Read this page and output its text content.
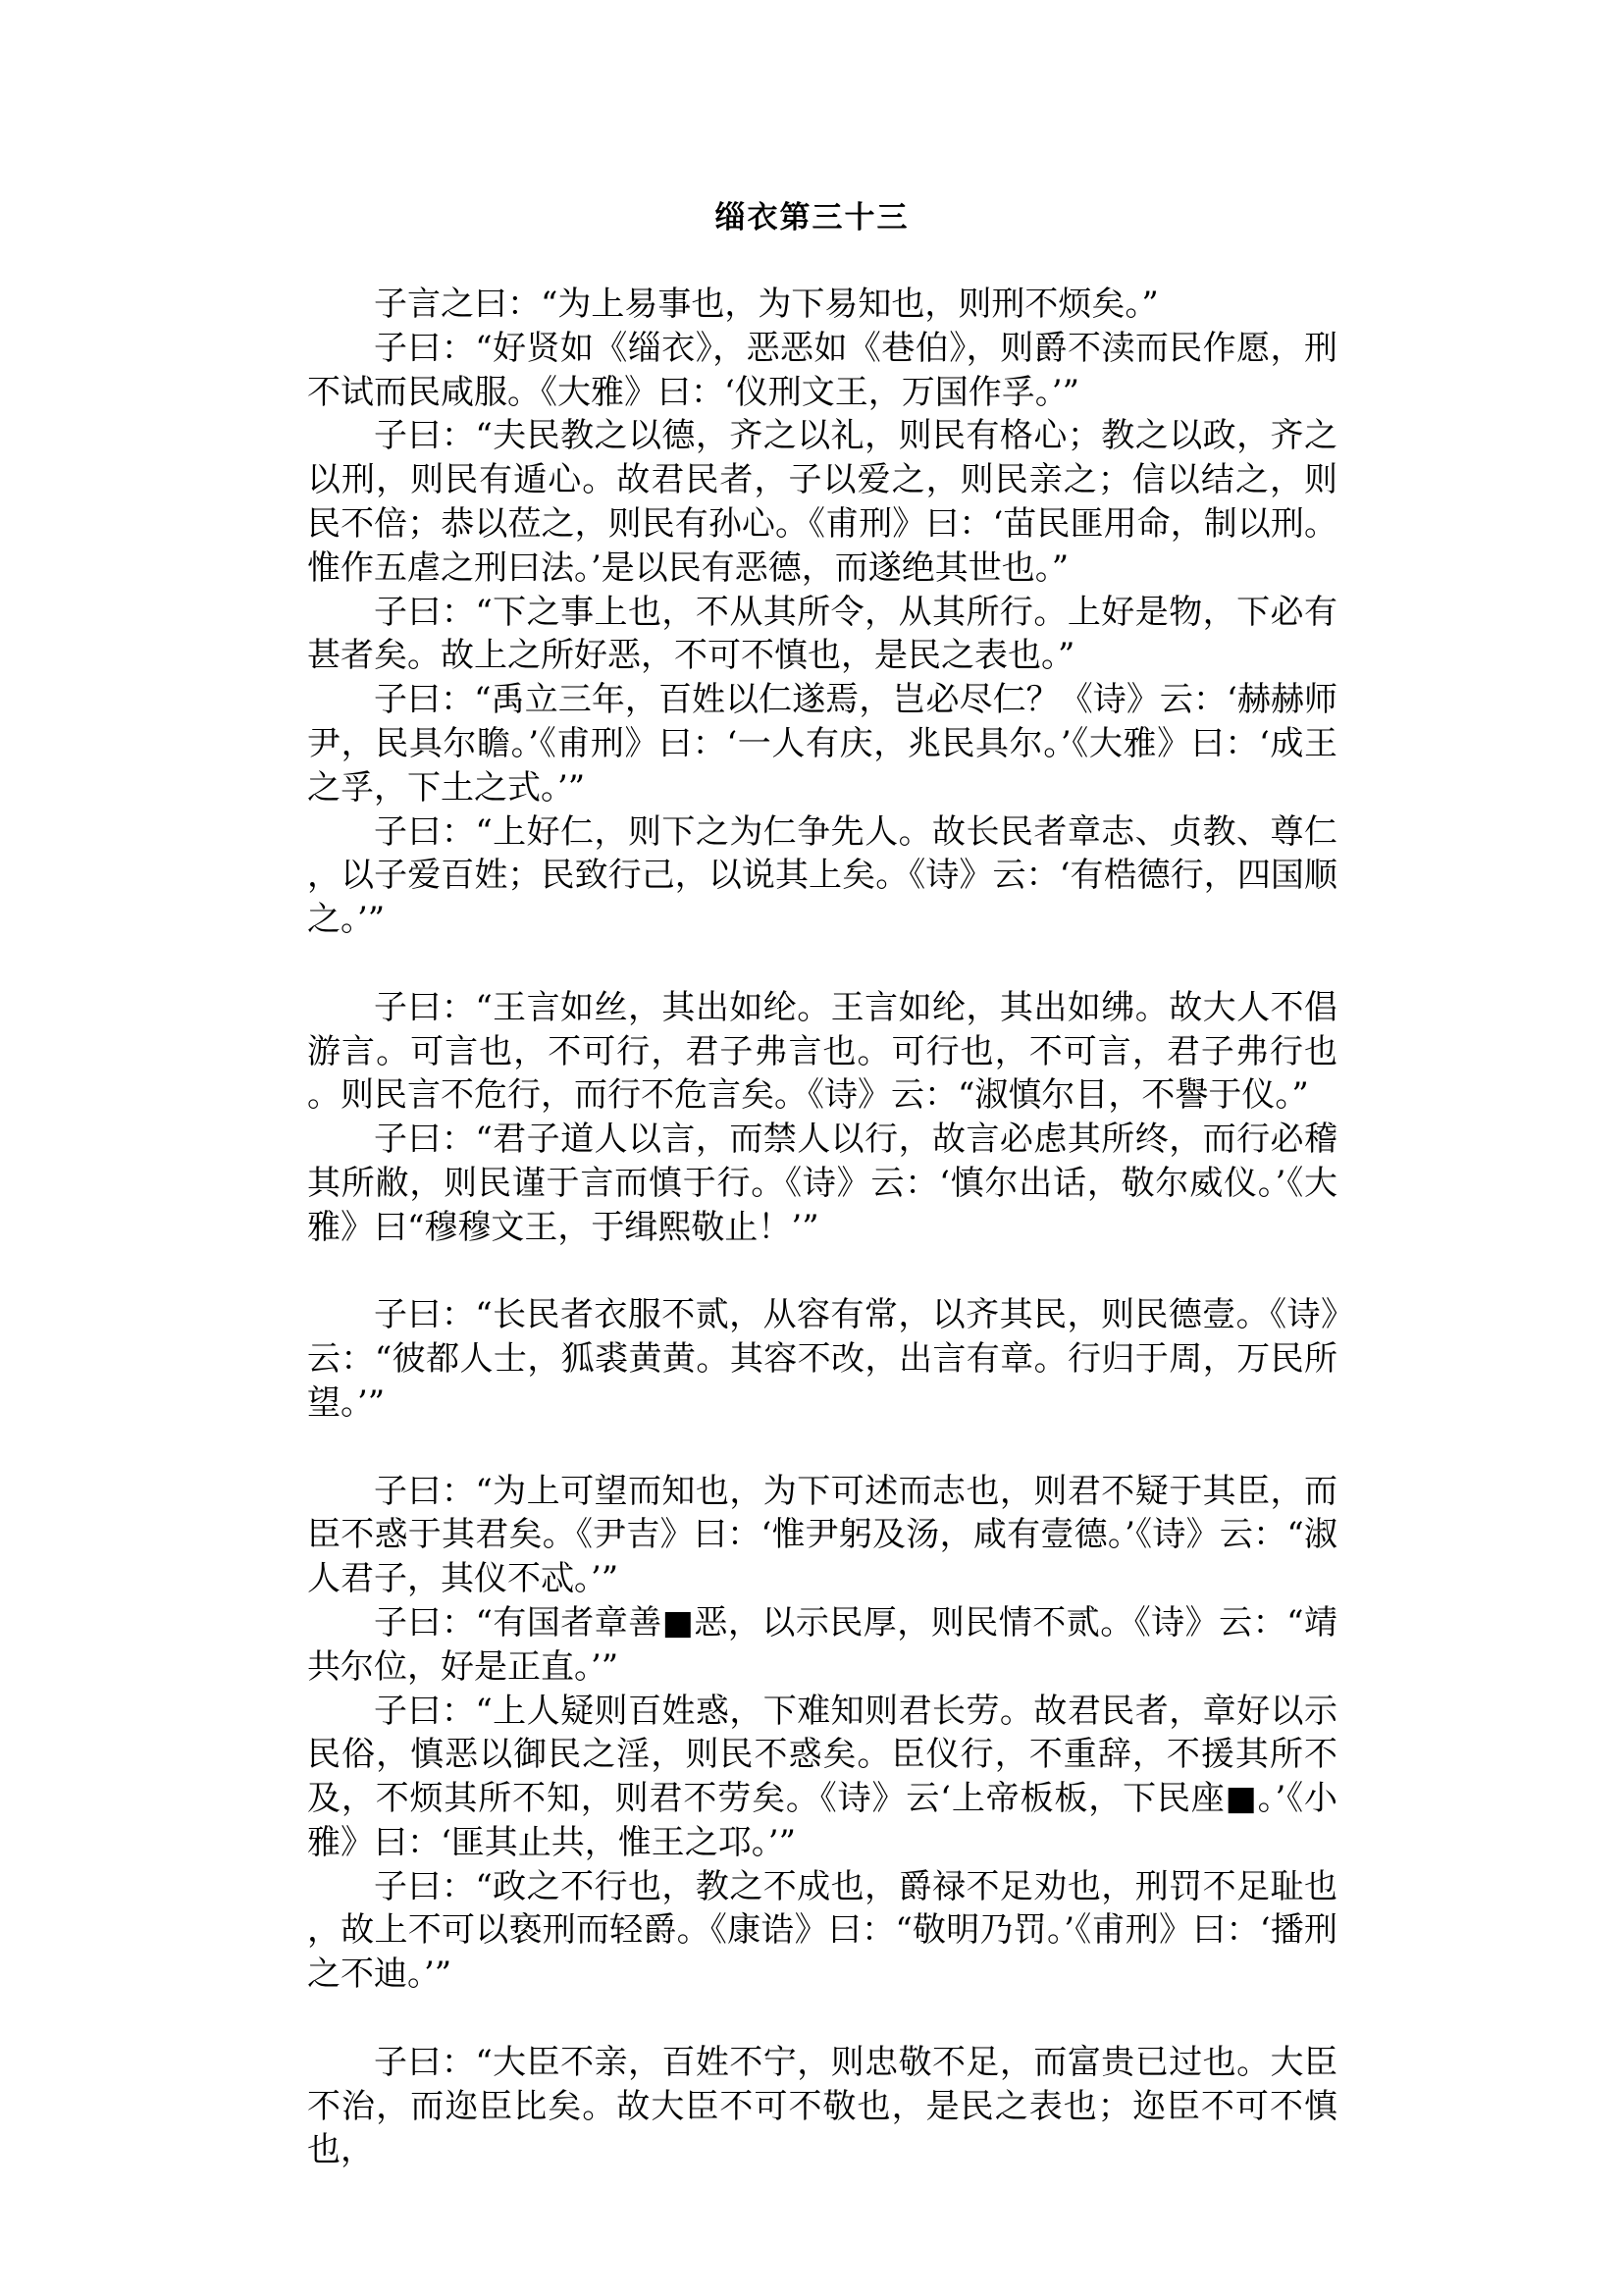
缁衣第三十三

子言之曰：“为上易事也，为下易知也，则刑不烦矣。”

子曰：“好贤如《缁衣》，恶恶如《巷伯》，则爵不渎而民作愿，刑不试而民咸服。《大雅》曰：‘仪刑文王，万国作孚。’”

子曰：“夫民教之以德，齐之以礼，则民有格心；教之以政，齐之以刑，则民有遁心。故君民者，子以爱之，则民亲之；信以结之，则民不倍；恭以莅之，则民有孙心。《甫刑》曰：‘苗民匪用命，制以刑。惟作五虐之刑曰法。’是以民有恶德，而遂绝其世也。”

子曰：“下之事上也，不从其所令，从其所行。上好是物，下必有甚者矣。故上之所好恶，不可不慎也，是民之表也。”

子曰：“禹立三年，百姓以仁遂焉，岂必尽仁？《诗》云：‘赫赫师尹，民具尔瞻。’《甫刑》曰：‘一人有庆，兆民具尔。’《大雅》曰：‘成王之孚，下土之式。’”

子曰：“上好仁，则下之为仁争先人。故长民者章志、贞教、尊仁，以子爱百姓；民致行己，以说其上矣。《诗》云：‘有梏德行，四国顺之。’”

子曰：“王言如丝，其出如纶。王言如纶，其出如绋。故大人不倡游言。可言也，不可行，君子弗言也。可行也，不可言，君子弗行也。则民言不危行，而行不危言矣。《诗》云：“淑慎尔目，不譽于仪。”

子曰：“君子道人以言，而禁人以行，故言必虑其所终，而行必稽其所敝，则民谨于言而慎于行。《诗》云：‘慎尔出话，敬尔威仪。’《大雅》曰“穆穆文王，于缉熙敬止！’”

子曰：“长民者衣服不贰，从容有常，以齐其民，则民德壹。《诗》云：“彼都人士，狐裘黄黄。其容不改，出言有章。行归于周，万民所望。’”

子曰：“为上可望而知也，为下可述而志也，则君不疑于其臣，而臣不惑于其君矣。《尹吉》曰：‘惟尹躬及汤，咸有壹德。’《诗》云：“淑人君子，其仪不忒。’”

子曰：“有国者章善■恶，以示民厚，则民情不贰。《诗》云：“靖共尔位，好是正直。’”

子曰：“上人疑则百姓惑，下难知则君长劳。故君民者，章好以示民俗，慎恶以御民之淫，则民不惑矣。臣仪行，不重辞，不援其所不及，不烦其所不知，则君不劳矣。《诗》云‘上帝板板，下民座■。’《小雅》曰：‘匪其止共，惟王之邛。’”

子曰：“政之不行也，教之不成也，爵禄不足劝也，刑罚不足耻也，故上不可以亵刑而轻爵。《康诰》曰：“敬明乃罚。’《甫刑》曰：‘播刑之不迪。’”

子曰：“大臣不亲，百姓不宁，则忠敬不足，而富贵已过也。大臣不治，而迩臣比矣。故大臣不可不敬也，是民之表也；迩臣不可不慎也，
